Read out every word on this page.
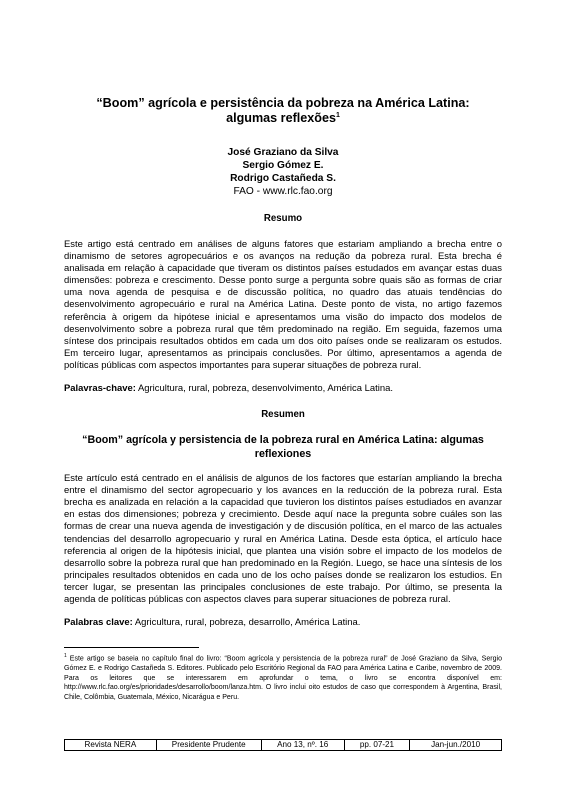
“Boom” agrícola e persistência da pobreza na América Latina:
algumas reflexões$^1$
José Graziano da Silva
Sergio Gómez E.
Rodrigo Castañeda S.
FAO - www.rlc.fao.org
Resumo

Este artigo está centrado em análises de alguns fatores que estariam ampliando a brecha entre o dinamismo de setores agropecuários e os avanços na redução da pobreza rural. Esta brecha é analisada em relação à capacidade que tiveram os distintos países estudados em avançar estas duas dimensões: pobreza e crescimento. Desse ponto surge a pergunta sobre quais são as formas de criar uma nova agenda de pesquisa e de discussão política, no quadro das atuais tendências do desenvolvimento agropecuário e rural na América Latina. Deste ponto de vista, no artigo fazemos referência à origem da hipótese inicial e apresentamos uma visão do impacto dos modelos de desenvolvimento sobre a pobreza rural que têm predominado na região. Em seguida, fazemos uma síntese dos principais resultados obtidos em cada um dos oito países onde se realizaram os estudos. Em terceiro lugar, apresentamos as principais conclusões. Por último, apresentamos a agenda de políticas públicas com aspectos importantes para superar situações de pobreza rural.

Palavras-chave: Agricultura, rural, pobreza, desenvolvimento, América Latina.

Resumen
“Boom” agrícola y persistencia de la pobreza rural en América Latina: algumas reflexiones

Este artículo está centrado en el análisis de algunos de los factores que estarían ampliando la brecha entre el dinamismo del sector agropecuario y los avances en la reducción de la pobreza rural. Esta brecha es analizada en relación a la capacidad que tuvieron los distintos países estudiados en avanzar en estas dos dimensiones; pobreza y crecimiento. Desde aquí nace la pregunta sobre cuáles son las formas de crear una nueva agenda de investigación y de discusión política, en el marco de las actuales tendencias del desarrollo agropecuario y rural en América Latina. Desde esta óptica, el artículo hace referencia al origen de la hipótesis inicial, que plantea una visión sobre el impacto de los modelos de desarrollo sobre la pobreza rural que han predominado en la Región. Luego, se hace una síntesis de los principales resultados obtenidos en cada uno de los ocho países donde se realizaron los estudios. En tercer lugar, se presentan las principales conclusiones de este trabajo. Por último, se presenta la agenda de políticas públicas con aspectos claves para superar situaciones de pobreza rural.

Palabras clave: Agricultura, rural, pobreza, desarrollo, América Latina.

$^1$ Este artigo se baseia no capítulo final do livro: “Boom agrícola y persistencia de la pobreza rural” de José Graziano da Silva, Sergio Gómez E. e Rodrigo Castañeda S. Editores. Publicado pelo Escritório Regional da FAO para América Latina e Caribe, novembro de 2009. Para os leitores que se interessarem em aprofundar o tema, o livro se encontra disponível em: http://www.rlc.fao.org/es/prioridades/desarrollo/boom/lanza.htm. O livro inclui oito estudos de caso que correspondem à Argentina, Brasil, Chile, Colômbia, Guatemala, México, Nicarágua e Peru.
Revista NERA	Presidente Prudente	Ano 13, nº. 16	pp. 07-21	Jan-jun./2010
